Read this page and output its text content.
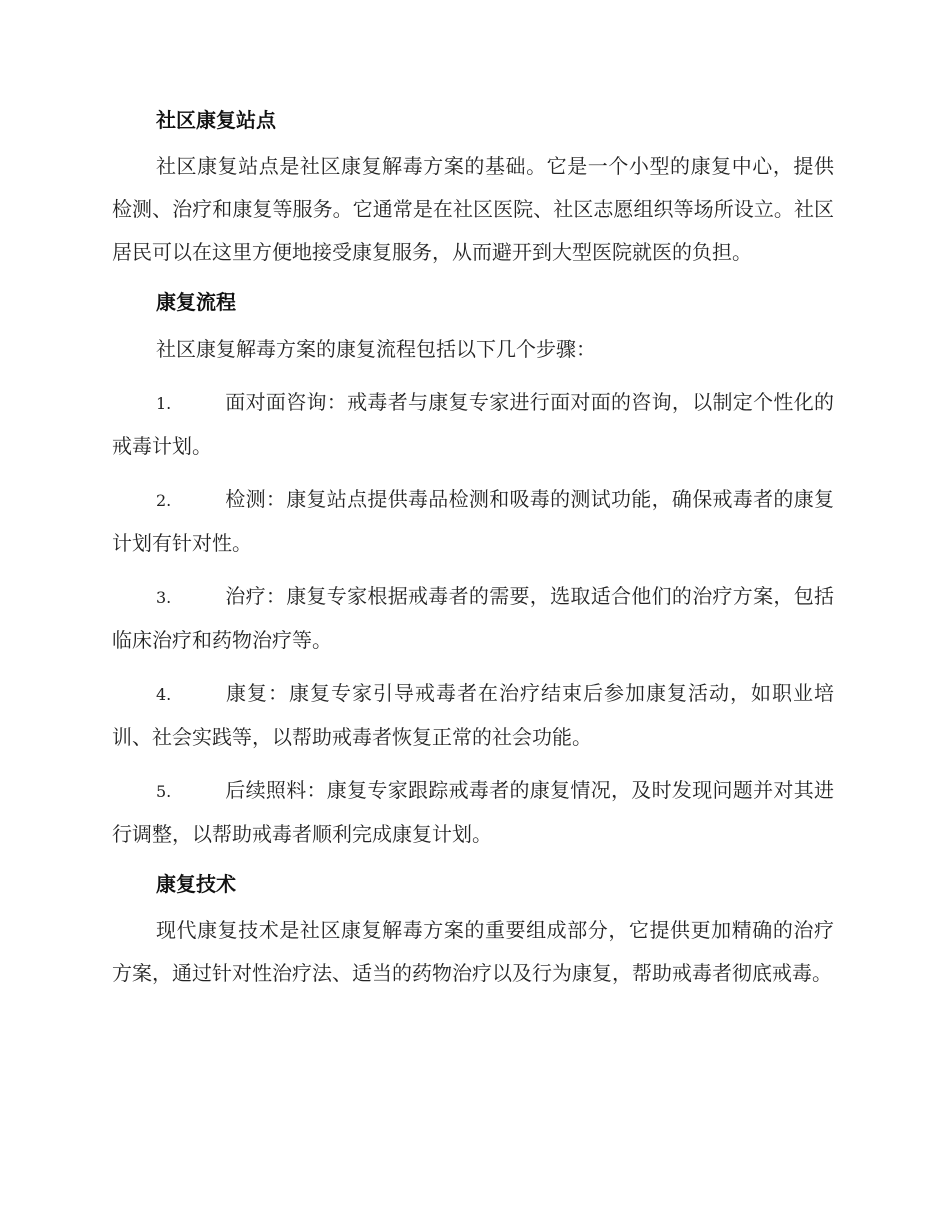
社区康复站点

社区康复站点是社区康复解毒方案的基础。它是一个小型的康复中心，提供检测、治疗和康复等服务。它通常是在社区医院、社区志愿组织等场所设立。社区居民可以在这里方便地接受康复服务，从而避开到大型医院就医的负担。

康复流程

社区康复解毒方案的康复流程包括以下几个步骤：

1.	面对面咨询：戒毒者与康复专家进行面对面的咨询，以制定个性化的戒毒计划。

2.	检测：康复站点提供毒品检测和吸毒的测试功能，确保戒毒者的康复计划有针对性。

3.	治疗：康复专家根据戒毒者的需要，选取适合他们的治疗方案，包括临床治疗和药物治疗等。

4.	康复：康复专家引导戒毒者在治疗结束后参加康复活动，如职业培训、社会实践等，以帮助戒毒者恢复正常的社会功能。

5.	后续照料：康复专家跟踪戒毒者的康复情况，及时发现问题并对其进行调整，以帮助戒毒者顺利完成康复计划。

康复技术

现代康复技术是社区康复解毒方案的重要组成部分，它提供更加精确的治疗方案，通过针对性治疗法、适当的药物治疗以及行为康复，帮助戒毒者彻底戒毒。
